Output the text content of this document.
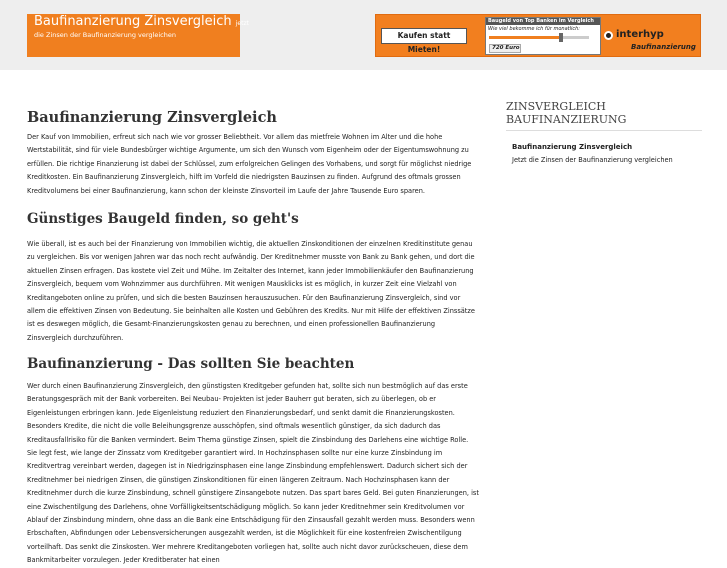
Baufinanzierung Zinsvergleich jetzt
die Zinsen der Baufinanzierung vergleichen	Kaufen statt Mieten!
Baugeld von Top Banken im Vergleich
Wie viel bekomme ich für monatlich:
720 Euro
interhyp
Baufinanzierung
Baufinanzierung Zinsvergleich

Der Kauf von Immobilien, erfreut sich nach wie vor grosser Beliebtheit. Vor allem das mietfreie Wohnen im Alter und die hohe Wertstabilität, sind für viele Bundesbürger wichtige Argumente, um sich den Wunsch vom Eigenheim oder der Eigentumswohnung zu erfüllen. Die richtige Finanzierung ist dabei der Schlüssel, zum erfolgreichen Gelingen des Vorhabens, und sorgt für möglichst niedrige Kreditkosten. Ein Baufinanzierung Zinsvergleich, hilft im Vorfeld die niedrigsten Bauzinsen zu finden. Aufgrund des oftmals grossen Kreditvolumens bei einer Baufinanzierung, kann schon der kleinste Zinsvorteil im Laufe der Jahre Tausende Euro sparen.

Günstiges Baugeld finden, so geht's

Wie überall, ist es auch bei der Finanzierung von Immobilien wichtig, die aktuellen Zinskonditionen der einzelnen Kreditinstitute genau zu vergleichen. Bis vor wenigen Jahren war das noch recht aufwändig. Der Kreditnehmer musste von Bank zu Bank gehen, und dort die aktuellen Zinsen erfragen. Das kostete viel Zeit und Mühe. Im Zeitalter des Internet, kann jeder Immobilienkäufer den Baufinanzierung Zinsvergleich, bequem vom Wohnzimmer aus durchführen. Mit wenigen Mausklicks ist es möglich, in kurzer Zeit eine Vielzahl von Kreditangeboten online zu prüfen, und sich die besten Bauzinsen herauszusuchen. Für den Baufinanzierung Zinsvergleich, sind vor allem die effektiven Zinsen von Bedeutung. Sie beinhalten alle Kosten und Gebühren des Kredits. Nur mit Hilfe der effektiven Zinssätze ist es deswegen möglich, die Gesamt-Finanzierungskosten genau zu berechnen, und einen professionellen Baufinanzierung Zinsvergleich durchzuführen.

Baufinanzierung - Das sollten Sie beachten

Wer durch einen Baufinanzierung Zinsvergleich, den günstigsten Kreditgeber gefunden hat, sollte sich nun bestmöglich auf das erste Beratungsgespräch mit der Bank vorbereiten. Bei Neubau- Projekten ist jeder Bauherr gut beraten, sich zu überlegen, ob er Eigenleistungen erbringen kann. Jede Eigenleistung reduziert den Finanzierungsbedarf, und senkt damit die Finanzierungskosten. Besonders Kredite, die nicht die volle Beleihungsgrenze ausschöpfen, sind oftmals wesentlich günstiger, da sich dadurch das Kreditausfallrisiko für die Banken vermindert. Beim Thema günstige Zinsen, spielt die Zinsbindung des Darlehens eine wichtige Rolle. Sie legt fest, wie lange der Zinssatz vom Kreditgeber garantiert wird. In Hochzinsphasen sollte nur eine kurze Zinsbindung im Kreditvertrag vereinbart werden, dagegen ist in Niedrigzinsphasen eine lange Zinsbindung empfehlenswert. Dadurch sichert sich der Kreditnehmer bei niedrigen Zinsen, die günstigen Zinskonditionen für einen längeren Zeitraum. Nach Hochzinsphasen kann der Kreditnehmer durch die kurze Zinsbindung, schnell günstigere Zinsangebote nutzen. Das spart bares Geld. Bei guten Finanzierungen, ist eine Zwischentilgung des Darlehens, ohne Vorfälligkeitsentschädigung möglich. So kann jeder Kreditnehmer sein Kreditvolumen vor Ablauf der Zinsbindung mindern, ohne dass an die Bank eine Entschädigung für den Zinsausfall gezahlt werden muss. Besonders wenn Erbschaften, Abfindungen oder Lebensversicherungen ausgezahlt werden, ist die Möglichkeit für eine kostenfreien Zwischentilgung vorteilhaft. Das senkt die Zinskosten. Wer mehrere Kreditangeboten vorliegen hat, sollte auch nicht davor zurückscheuen, diese dem Bankmitarbeiter vorzulegen. Jeder Kreditberater hat einen

ZINSVERGLEICH BAUFINANZIERUNG
Baufinanzierung Zinsvergleich
Jetzt die Zinsen der Baufinanzierung vergleichen
